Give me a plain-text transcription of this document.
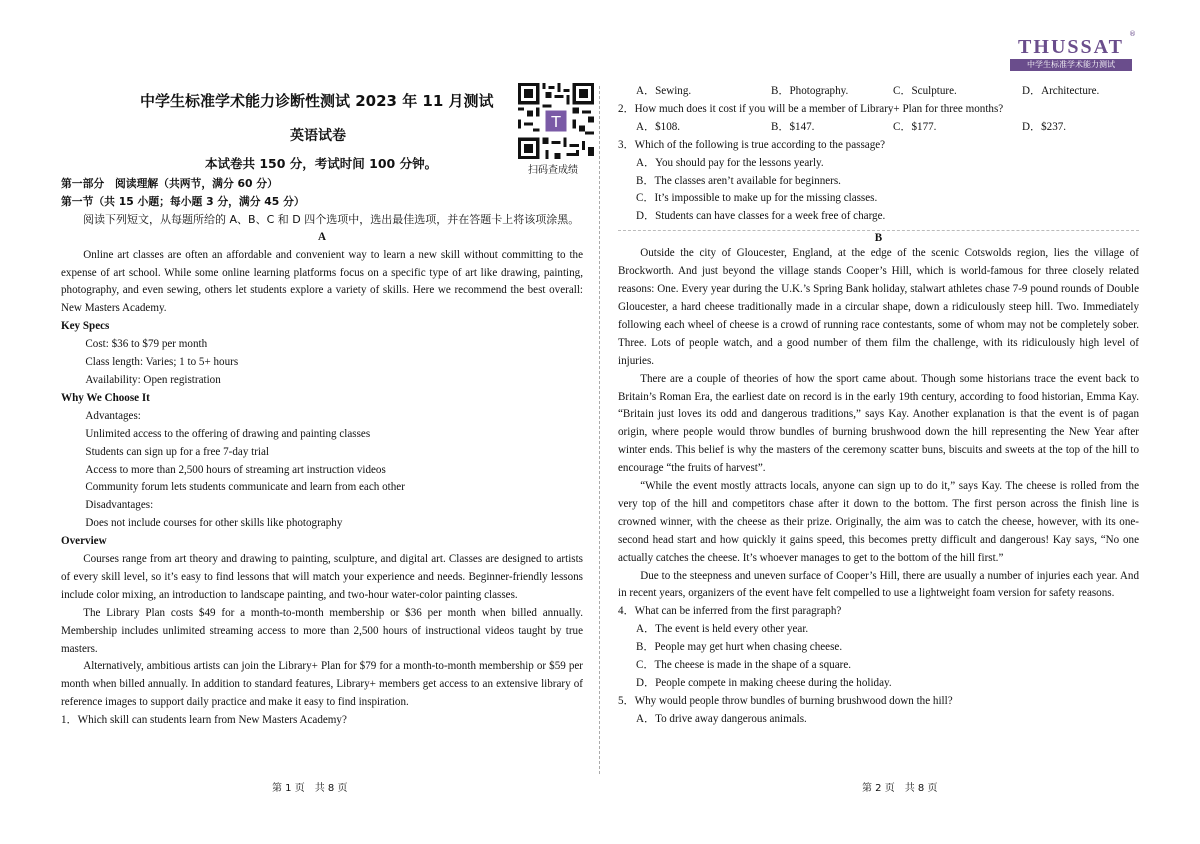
THUSSAT
中学生标准学术能力测试
®
中学生标准学术能力诊断性测试 2023 年 11 月测试
英语试卷
本试卷共 150 分，考试时间 100 分钟。
T
扫码查成绩

第一部分　阅读理解（共两节，满分 60 分）

第一节（共 15 小题；每小题 3 分，满分 45 分）

阅读下列短文，从每题所给的 A、B、C 和 D 四个选项中，选出最佳选项，并在答题卡上将该项涂黑。

A

Online art classes are often an affordable and convenient way to learn a new skill without committing to the expense of art school. While some online learning platforms focus on a specific type of art like drawing, painting, photography, and even sewing, others let students explore a variety of skills. Here we recommend the best overall: New Masters Academy.

Key Specs

Cost: $36 to $79 per month

Class length: Varies; 1 to 5+ hours

Availability: Open registration

Why We Choose It

Advantages:

Unlimited access to the offering of drawing and painting classes

Students can sign up for a free 7-day trial

Access to more than 2,500 hours of streaming art instruction videos

Community forum lets students communicate and learn from each other

Disadvantages:

Does not include courses for other skills like photography

Overview

Courses range from art theory and drawing to painting, sculpture, and digital art. Classes are designed to artists of every skill level, so it’s easy to find lessons that will match your experience and needs. Beginner-friendly lessons include color mixing, an introduction to landscape painting, and two-hour water-color painting classes.

The Library Plan costs $49 for a month-to-month membership or $36 per month when billed annually. Membership includes unlimited streaming access to more than 2,500 hours of instructional videos taught by true masters.

Alternatively, ambitious artists can join the Library+ Plan for $79 for a month-to-month membership or $59 per month when billed annually. In addition to standard features, Library+ members get access to an extensive library of reference images to support daily practice and make it easy to find inspiration.

1．Which skill can students learn from New Masters Academy?

A．Sewing.	B．Photography.	C．Sculpture.	D．Architecture.

2．How much does it cost if you will be a member of Library+ Plan for three months?

A．$108.	B．$147.	C．$177.	D．$237.

3．Which of the following is true according to the passage?

A．You should pay for the lessons yearly.

B．The classes aren’t available for beginners.

C．It’s impossible to make up for the missing classes.

D．Students can have classes for a week free of charge.

B

Outside the city of Gloucester, England, at the edge of the scenic Cotswolds region, lies the village of Brockworth. And just beyond the village stands Cooper’s Hill, which is world-famous for three closely related reasons: One. Every year during the U.K.’s Spring Bank holiday, stalwart athletes chase 7-9 pound rounds of Double Gloucester, a hard cheese traditionally made in a circular shape, down a ridiculously steep hill. Two. Immediately following each wheel of cheese is a crowd of running race contestants, some of whom may not be completely sober. Three. Lots of people watch, and a good number of them film the challenge, with its ridiculously high level of injuries.

There are a couple of theories of how the sport came about. Though some historians trace the event back to Britain’s Roman Era, the earliest date on record is in the early 19th century, according to food historian, Emma Kay. “Britain just loves its odd and dangerous traditions,” says Kay. Another explanation is that the event is of pagan origin, where people would throw bundles of burning brushwood down the hill representing the New Year after winter ends. This belief is why the masters of the ceremony scatter buns, biscuits and sweets at the top of the hill to encourage “the fruits of harvest”.

“While the event mostly attracts locals, anyone can sign up to do it,” says Kay. The cheese is rolled from the very top of the hill and competitors chase after it down to the bottom. The first person across the finish line is crowned winner, with the cheese as their prize. Originally, the aim was to catch the cheese, however, with its one-second head start and how quickly it gains speed, this becomes pretty difficult and dangerous! Kay says, “No one actually catches the cheese. It’s whoever manages to get to the bottom of the hill first.”

Due to the steepness and uneven surface of Cooper’s Hill, there are usually a number of injuries each year. And in recent years, organizers of the event have felt compelled to use a lightweight foam version for safety reasons.

4．What can be inferred from the first paragraph?

A．The event is held every other year.

B．People may get hurt when chasing cheese.

C．The cheese is made in the shape of a square.

D．People compete in making cheese during the holiday.

5．Why would people throw bundles of burning brushwood down the hill?

A．To drive away dangerous animals.

第 1 页　共 8 页	第 2 页　共 8 页
